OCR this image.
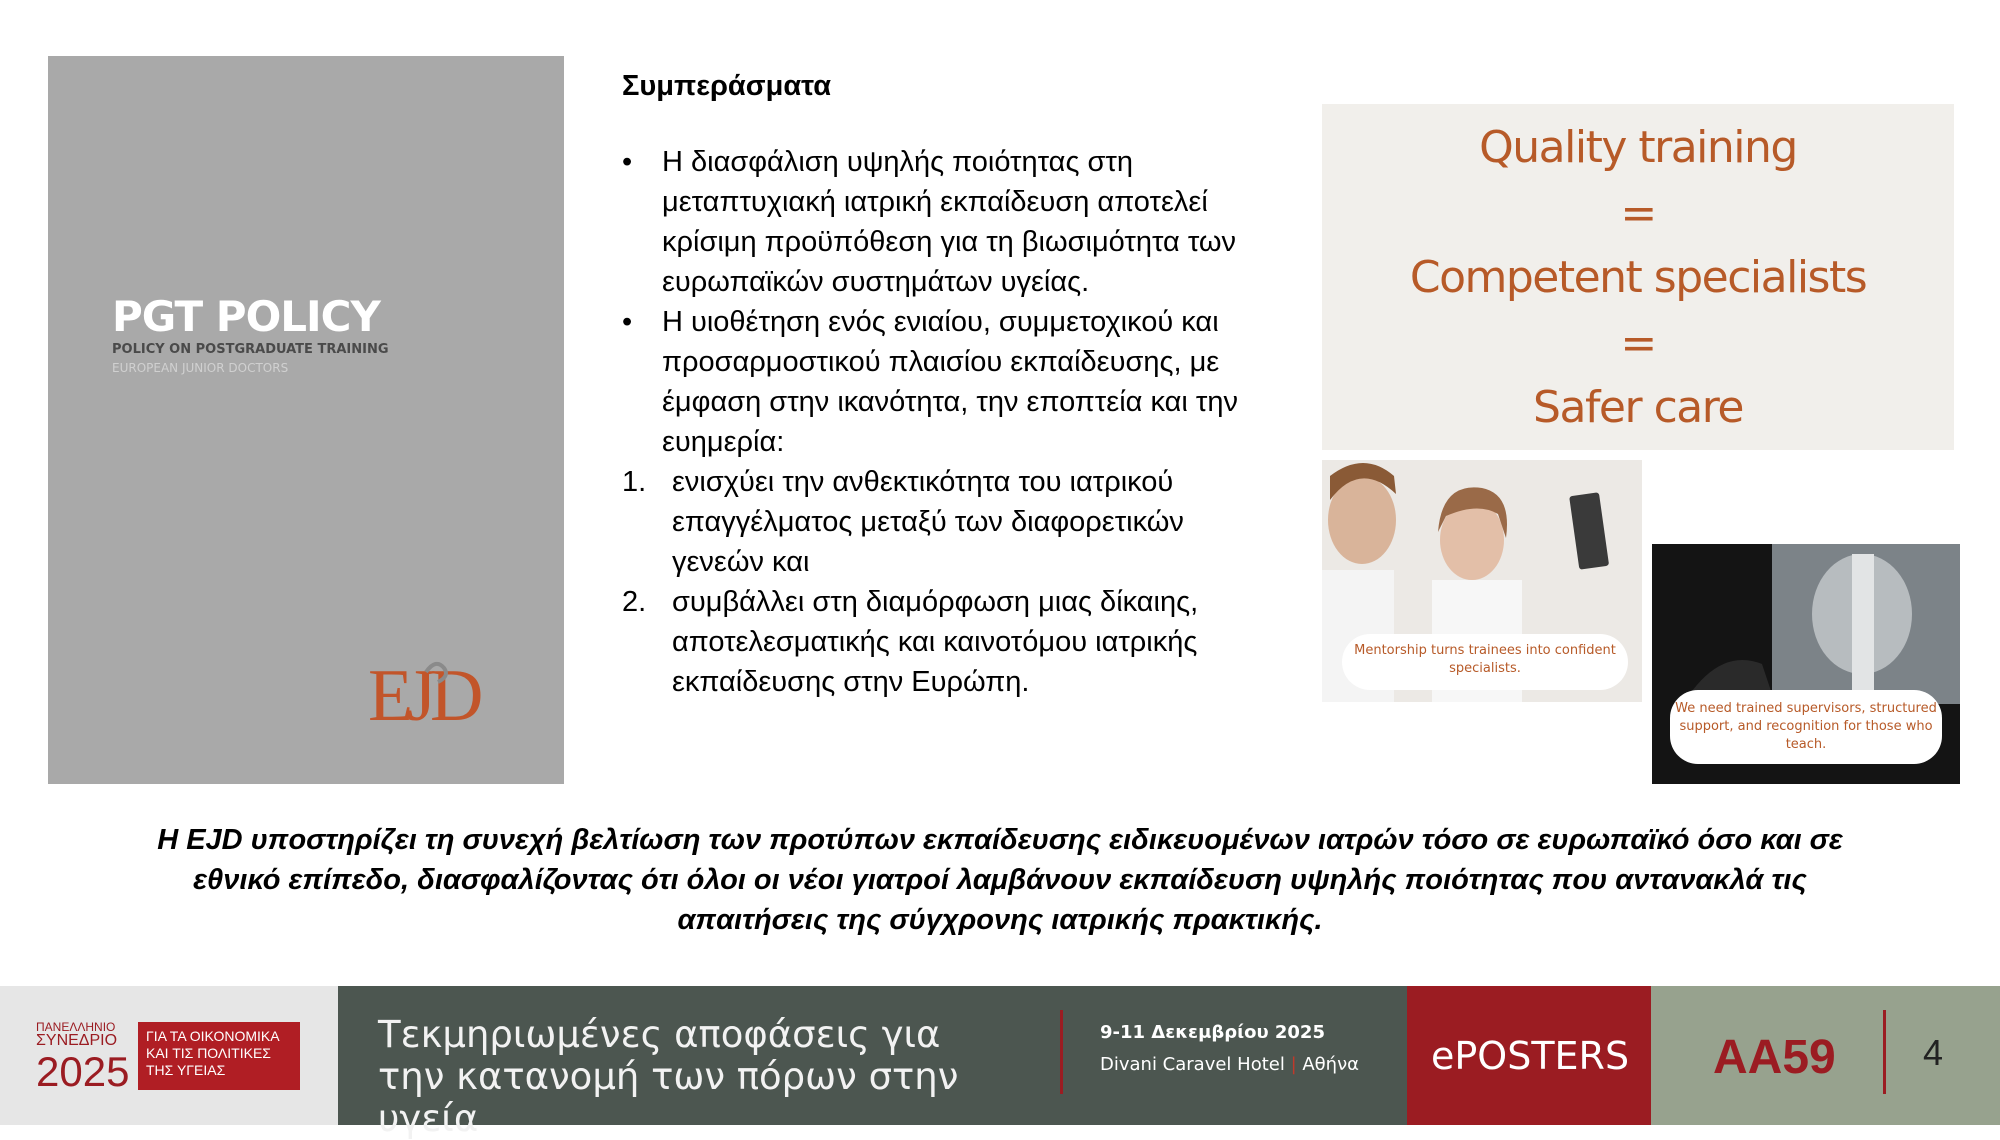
PGT POLICY
POLICY ON POSTGRADUATE TRAINING
EUROPEAN JUNIOR DOCTORS
EJD
Συμπεράσματα
• Η διασφάλιση υψηλής ποιότητας στη μεταπτυχιακή ιατρική εκπαίδευση αποτελεί κρίσιμη προϋπόθεση για τη βιωσιμότητα των ευρωπαϊκών συστημάτων υγείας.
• Η υιοθέτηση ενός ενιαίου, συμμετοχικού και προσαρμοστικού πλαισίου εκπαίδευσης, με έμφαση στην ικανότητα, την εποπτεία και την ευημερία:
1. ενισχύει την ανθεκτικότητα του ιατρικού επαγγέλματος μεταξύ των διαφορετικών γενεών και
2. συμβάλλει στη διαμόρφωση μιας δίκαιης, αποτελεσματικής και καινοτόμου ιατρικής εκπαίδευσης στην Ευρώπη.
Quality training
=
Competent specialists
=
Safer care
Mentorship turns trainees into confident specialists.
We need trained supervisors, structured support, and recognition for those who teach.
Η EJD υποστηρίζει τη συνεχή βελτίωση των προτύπων εκπαίδευσης ειδικευομένων ιατρών τόσο σε ευρωπαϊκό όσο και σε εθνικό επίπεδο, διασφαλίζοντας ότι όλοι οι νέοι γιατροί λαμβάνουν εκπαίδευση υψηλής ποιότητας που αντανακλά τις απαιτήσεις της σύγχρονης ιατρικής πρακτικής.
ΠΑΝΕΛΛΗΝΙΟ
ΣΥΝΕΔΡΙΟ
2025
ΓΙΑ ΤΑ ΟΙΚΟΝΟΜΙΚΑ ΚΑΙ ΤΙΣ ΠΟΛΙΤΙΚΕΣ ΤΗΣ ΥΓΕΙΑΣ
Τεκμηριωμένες αποφάσεις για την κατανομή των πόρων στην υγεία
9-11 Δεκεμβρίου 2025
Divani Caravel Hotel | Αθήνα ePOSTERS AA59 4
